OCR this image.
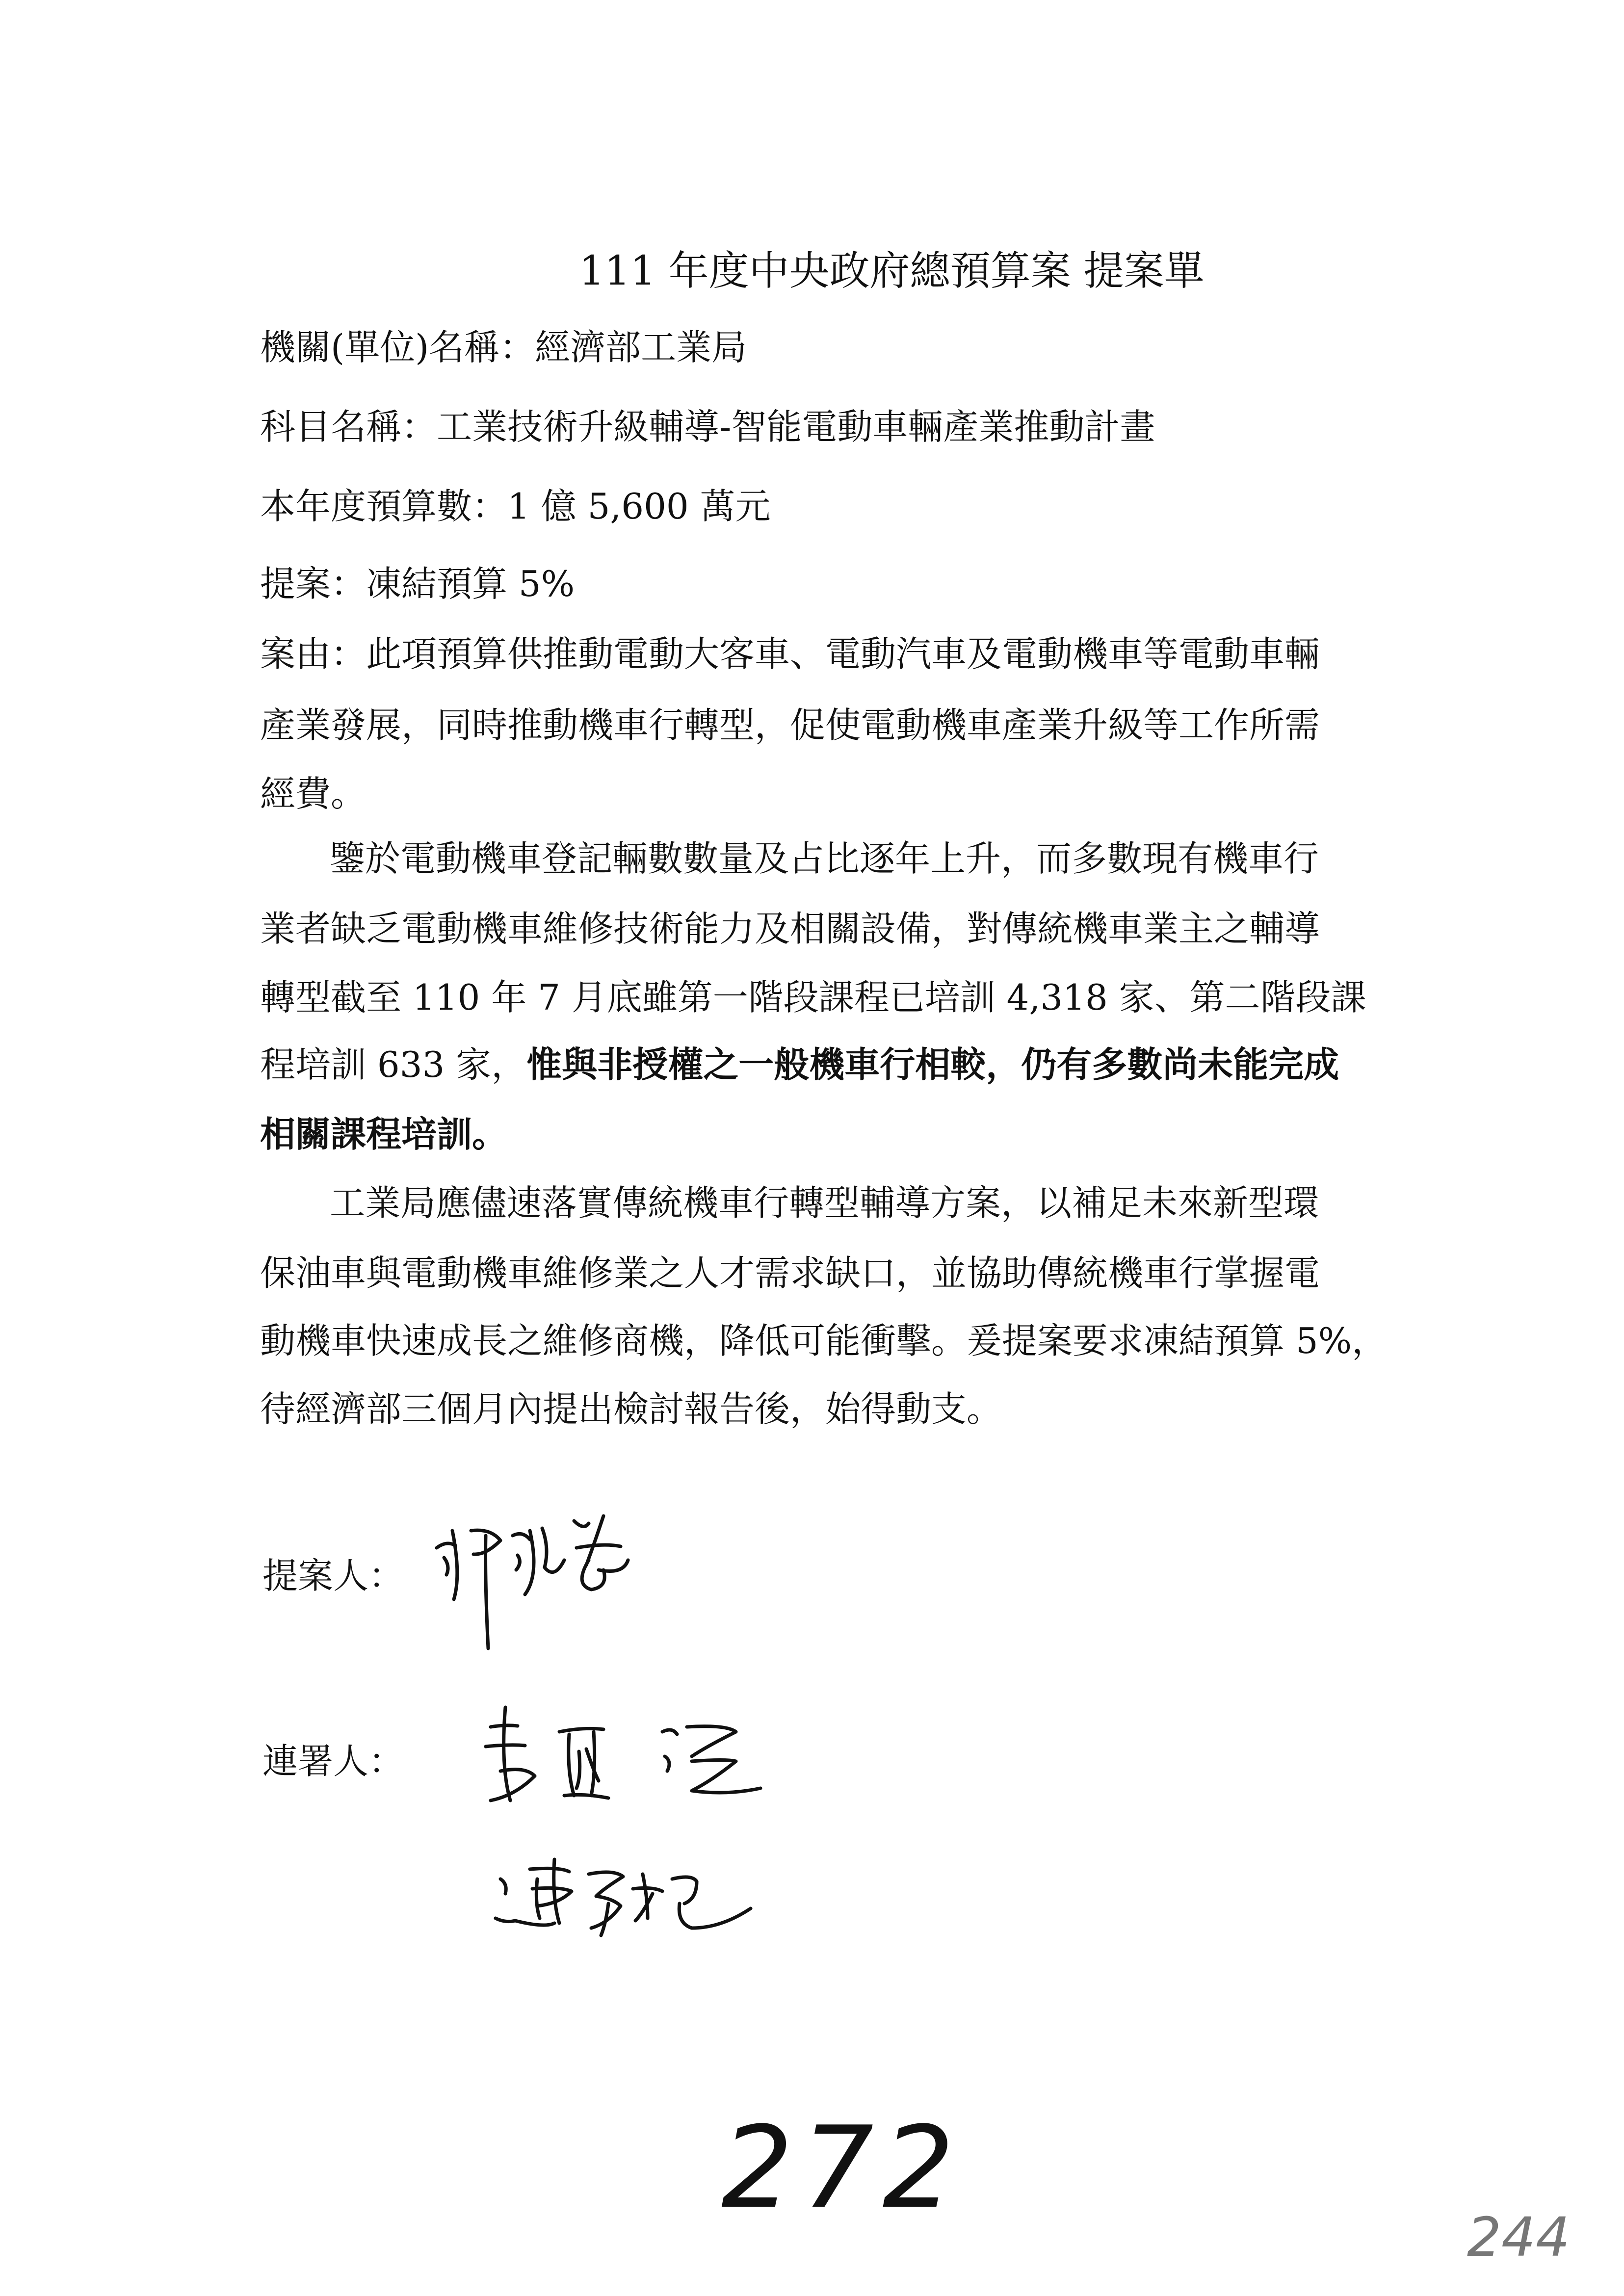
111 年度中央政府總預算案 提案單
機關(單位)名稱：經濟部工業局
科目名稱：工業技術升級輔導-智能電動車輛產業推動計畫
本年度預算數：1 億 5,600 萬元
提案：凍結預算 5%
案由：此項預算供推動電動大客車、電動汽車及電動機車等電動車輛
產業發展，同時推動機車行轉型，促使電動機車產業升級等工作所需
經費。
鑒於電動機車登記輛數數量及占比逐年上升，而多數現有機車行
業者缺乏電動機車維修技術能力及相關設備，對傳統機車業主之輔導
轉型截至 110 年 7 月底雖第一階段課程已培訓 4,318 家、第二階段課
程培訓 633 家，惟與非授權之一般機車行相較，仍有多數尚未能完成
相關課程培訓。
工業局應儘速落實傳統機車行轉型輔導方案，以補足未來新型環
保油車與電動機車維修業之人才需求缺口，並協助傳統機車行掌握電
動機車快速成長之維修商機，降低可能衝擊。爰提案要求凍結預算 5%，
待經濟部三個月內提出檢討報告後，始得動支。
提案人：
連署人：
272
244
